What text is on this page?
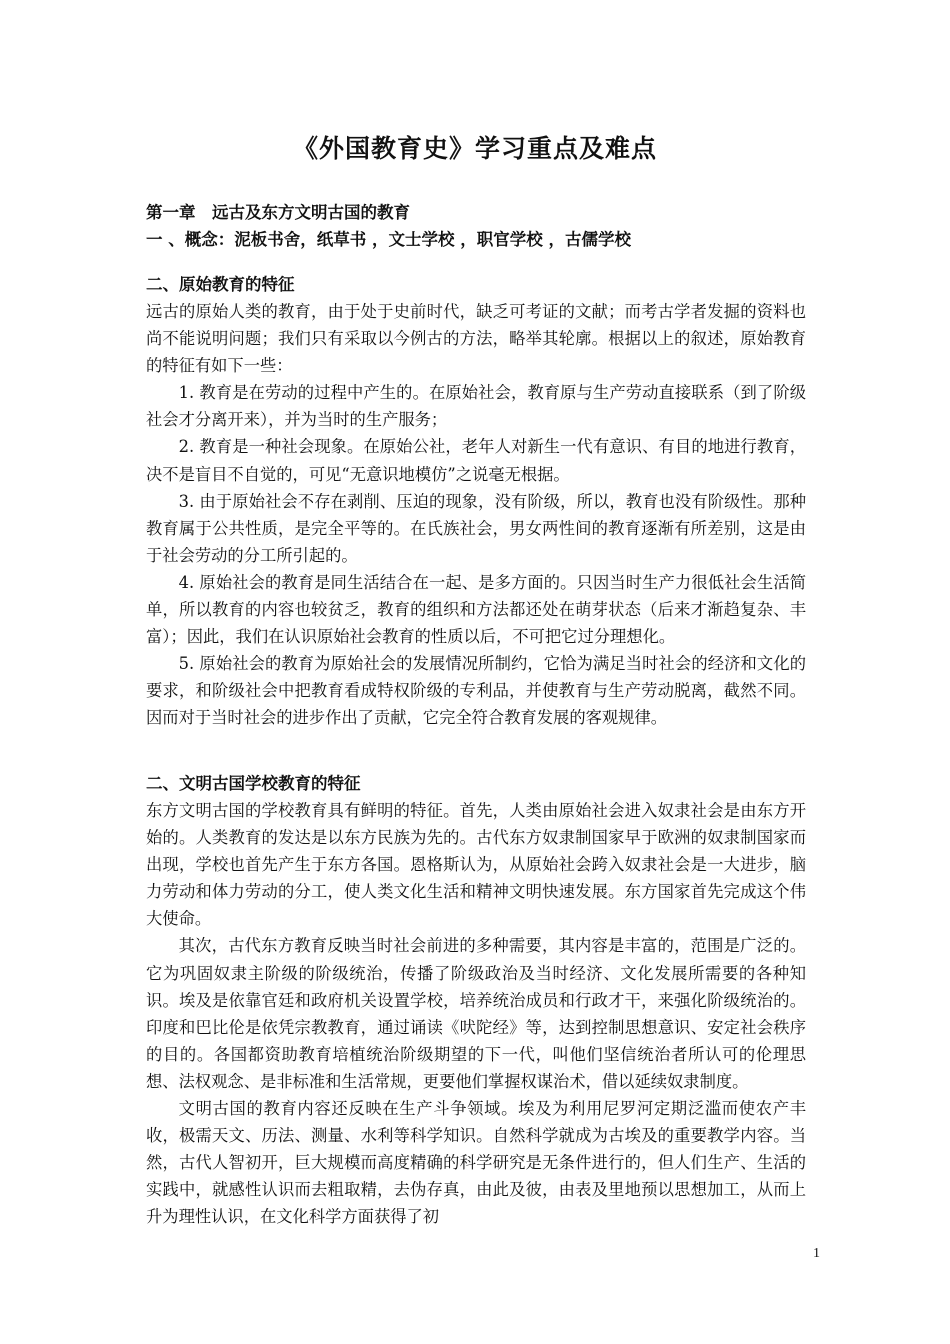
《外国教育史》学习重点及难点
第一章　远古及东方文明古国的教育
一 、概念：泥板书舍，纸草书 ，文士学校 ，职官学校 ，古儒学校
二、原始教育的特征

远古的原始人类的教育，由于处于史前时代，缺乏可考证的文献；而考古学者发掘的资料也尚不能说明问题；我们只有采取以今例古的方法，略举其轮廓。根据以上的叙述，原始教育的特征有如下一些：

1. 教育是在劳动的过程中产生的。在原始社会，教育原与生产劳动直接联系（到了阶级社会才分离开来），并为当时的生产服务；

2. 教育是一种社会现象。在原始公社，老年人对新生一代有意识、有目的地进行教育，决不是盲目不自觉的，可见“无意识地模仿”之说毫无根据。

3. 由于原始社会不存在剥削、压迫的现象，没有阶级，所以，教育也没有阶级性。那种教育属于公共性质，是完全平等的。在氏族社会，男女两性间的教育逐渐有所差别，这是由于社会劳动的分工所引起的。

4. 原始社会的教育是同生活结合在一起、是多方面的。只因当时生产力很低社会生活简单，所以教育的内容也较贫乏，教育的组织和方法都还处在萌芽状态（后来才渐趋复杂、丰富）；因此，我们在认识原始社会教育的性质以后，不可把它过分理想化。

5. 原始社会的教育为原始社会的发展情况所制约，它恰为满足当时社会的经济和文化的要求，和阶级社会中把教育看成特权阶级的专利品，并使教育与生产劳动脱离，截然不同。因而对于当时社会的进步作出了贡献，它完全符合教育发展的客观规律。

二、文明古国学校教育的特征

东方文明古国的学校教育具有鲜明的特征。首先，人类由原始社会进入奴隶社会是由东方开始的。人类教育的发达是以东方民族为先的。古代东方奴隶制国家早于欧洲的奴隶制国家而出现，学校也首先产生于东方各国。恩格斯认为，从原始社会跨入奴隶社会是一大进步，脑力劳动和体力劳动的分工，使人类文化生活和精神文明快速发展。东方国家首先完成这个伟大使命。

其次，古代东方教育反映当时社会前进的多种需要，其内容是丰富的，范围是广泛的。它为巩固奴隶主阶级的阶级统治，传播了阶级政治及当时经济、文化发展所需要的各种知识。埃及是依靠官廷和政府机关设置学校，培养统治成员和行政才干，来强化阶级统治的。印度和巴比伦是依凭宗教教育，通过诵读《吠陀经》等，达到控制思想意识、安定社会秩序的目的。各国都资助教育培植统治阶级期望的下一代，叫他们坚信统治者所认可的伦理思想、法权观念、是非标准和生活常规，更要他们掌握权谋治术，借以延续奴隶制度。

文明古国的教育内容还反映在生产斗争领域。埃及为利用尼罗河定期泛滥而使农产丰收，极需天文、历法、测量、水利等科学知识。自然科学就成为古埃及的重要教学内容。当然，古代人智初开，巨大规模而高度精确的科学研究是无条件进行的，但人们生产、生活的实践中，就感性认识而去粗取精，去伪存真，由此及彼，由表及里地预以思想加工，从而上升为理性认识，在文化科学方面获得了初

1
